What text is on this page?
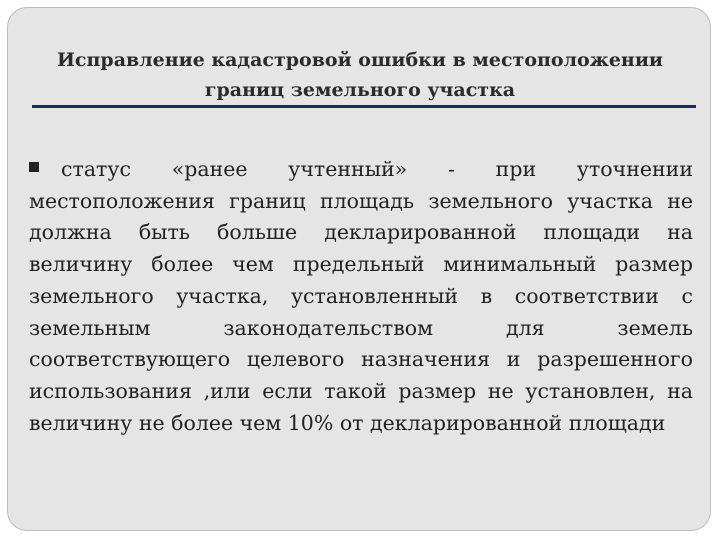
Исправление кадастровой ошибки в местоположении границ земельного участка

статус «ранее учтенный» - при уточнении местоположения границ площадь земельного участка не должна быть больше декларированной площади на величину более чем предельный минимальный размер земельного участка, установленный в соответствии с земельным законодательством для земель соответствующего целевого назначения и разрешенного использования ,или если такой размер не установлен, на величину не более чем 10% от декларированной площади
